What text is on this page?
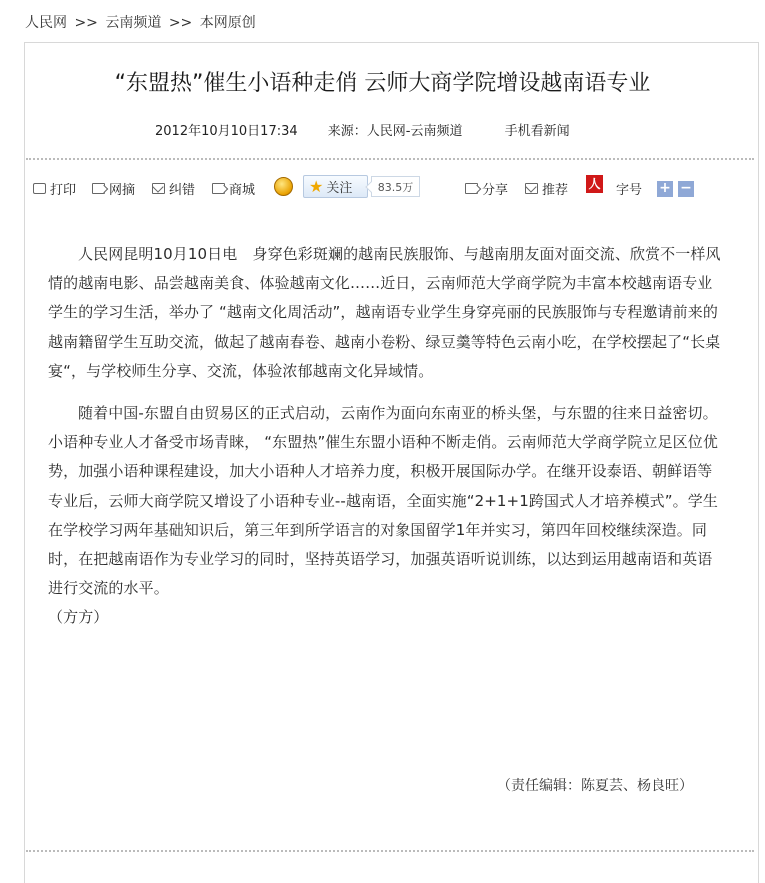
人民网 >> 云南频道 >> 本网原创
“东盟热”催生小语种走俏 云师大商学院增设越南语专业
2012年10月10日17:34 来源：人民网-云南频道	手机看新闻
打印	网摘	纠错	商城	★ 关注	83.5万	分享	推荐 人 字号 + −

人民网昆明10月10日电　身穿色彩斑斓的越南民族服饰、与越南朋友面对面交流、欣赏不一样风情的越南电影、品尝越南美食、体验越南文化……近日，云南师范大学商学院为丰富本校越南语专业学生的学习生活，举办了 “越南文化周活动”，越南语专业学生身穿亮丽的民族服饰与专程邀请前来的越南籍留学生互助交流，做起了越南春卷、越南小卷粉、绿豆羹等特色云南小吃，在学校摆起了“长桌宴“，与学校师生分享、交流，体验浓郁越南文化异域情。

随着中国-东盟自由贸易区的正式启动，云南作为面向东南亚的桥头堡，与东盟的往来日益密切。小语种专业人才备受市场青睐， “东盟热”催生东盟小语种不断走俏。云南师范大学商学院立足区位优势，加强小语种课程建设，加大小语种人才培养力度，积极开展国际办学。在继开设泰语、朝鲜语等专业后，云师大商学院又增设了小语种专业--越南语，全面实施“2+1+1跨国式人才培养模式”。学生在学校学习两年基础知识后，第三年到所学语言的对象国留学1年并实习，第四年回校继续深造。同时，在把越南语作为专业学习的同时，坚持英语学习，加强英语听说训练，以达到运用越南语和英语进行交流的水平。

（方方）

（责任编辑：陈夏芸、杨良旺）
